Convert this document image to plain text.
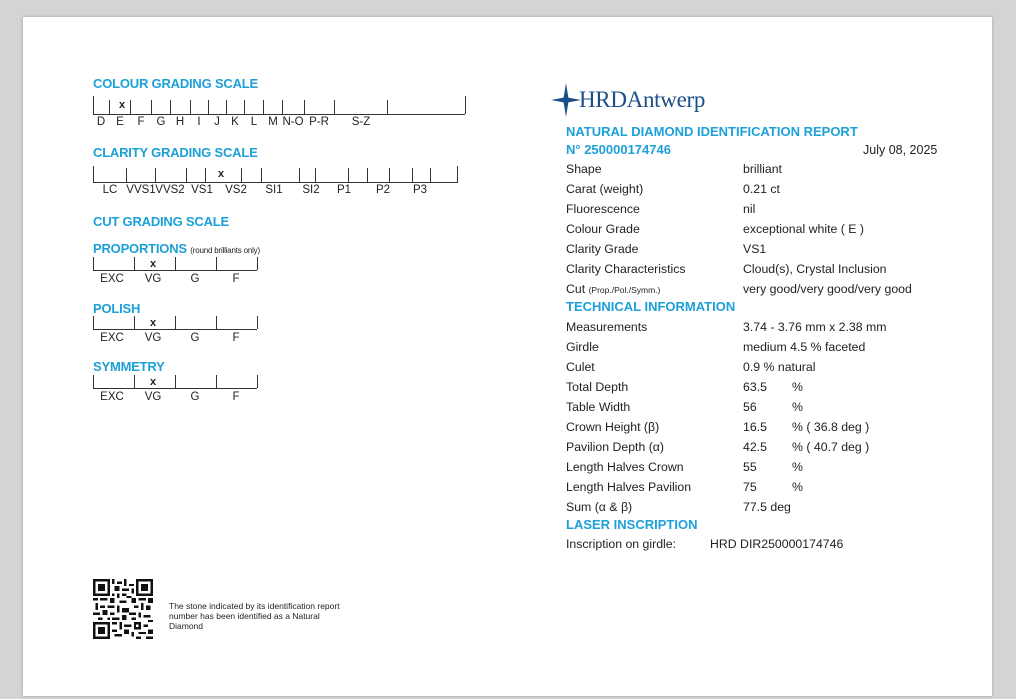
COLOUR GRADING SCALE
x
D E	F	G H	I	J K	L M N-O P-R	S-Z
CLARITY GRADING SCALE
x
LC VVS1 VVS2 VS1	VS2	SI1	SI2	P1	P2	P3
CUT GRADING SCALE
PROPORTIONS (round brilliants only)
x
EXC	VG	G	F
POLISH
x
EXC	VG	G	F
SYMMETRY
x
EXC	VG	G	F
The stone indicated by its identification report
number has been identified as a Natural
Diamond
HRDAntwerp
NATURAL DIAMOND IDENTIFICATION REPORT
N° 250000174746	July 08, 2025
Shape	brilliant
Carat (weight)	0.21 ct
Fluorescence	nil
Colour Grade	exceptional white ( E )
Clarity Grade	VS1
Clarity Characteristics	Cloud(s), Crystal Inclusion
Cut (Prop./Pol./Symm.)	very good/very good/very good
TECHNICAL INFORMATION
Measurements	3.74 - 3.76 mm x 2.38 mm
Girdle	medium 4.5 % faceted
Culet	0.9 % natural
Total Depth	63.5 %
Table Width	56	%
Crown Height (β)	16.5 % ( 36.8 deg )
Pavilion Depth (α)	42.5 % ( 40.7 deg )
Length Halves Crown	55	%
Length Halves Pavilion	75	%
Sum (α & β)	77.5 deg
LASER INSCRIPTION
Inscription on girdle:	HRD DIR250000174746
